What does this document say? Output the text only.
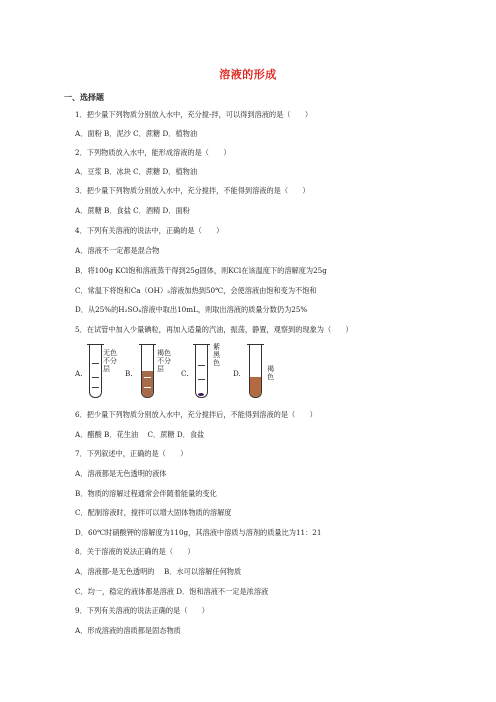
溶液的形成
一、选择题
1．把少量下列物质分别放入水中，充分搅-拌，可以得到溶液的是（　　）
A．面粉 B．泥沙 C．蔗糖 D．植物油
2．下列物质放入水中，能形成溶液的是（　　）
A．豆浆 B．冰块 C．蔗糖 D．植物油
3．把少量下列物质分别放入水中，充分搅拌，不能得到溶液的是（　　）
A．蔗糖 B．食盐 C．酒精 D．面粉
4．下列有关溶液的说法中，正确的是（　　）
A．溶液不一定都是混合物
B．将100g KCl饱和溶液蒸干得到25g固体，则KCl在该温度下的溶解度为25g
C．常温下将饱和Ca（OH）₂溶液加热到50℃，会使溶液由饱和变为不饱和
D．从25%的H₂SO₄溶液中取出10mL，则取出溶液的质量分数仍为25%
5．在试管中加入少量碘粒，再加入适量的汽油，振荡，静置，观察到的现象为（　　）
A.
无色
不分
层	B.
褐色
不分
层	C.
紫
黑
色
D.	褐
色
6．把少量下列物质分别放入水中，充分搅拌后，不能得到溶液的是（　　）
A．醋酸 B．花生油　 C．蔗糖 D．食盐
7．下列叙述中，正确的是（　　）
A．溶液都是无色透明的液体
B．物质的溶解过程通常会伴随着能量的变化
C．配制溶液时，搅拌可以增大固体物质的溶解度
D．60℃时硝酸钾的溶解度为110g，其溶液中溶质与溶剂的质量比为11：21
8．关于溶液的说法正确的是（　　）
A．溶液都-是无色透明的　 B．水可以溶解任何物质
C．均一，稳定的液体都是溶液 D．饱和溶液不一定是浓溶液
9．下列有关溶液的说法正确的是（　　）
A．形成溶液的溶质都是固态物质
